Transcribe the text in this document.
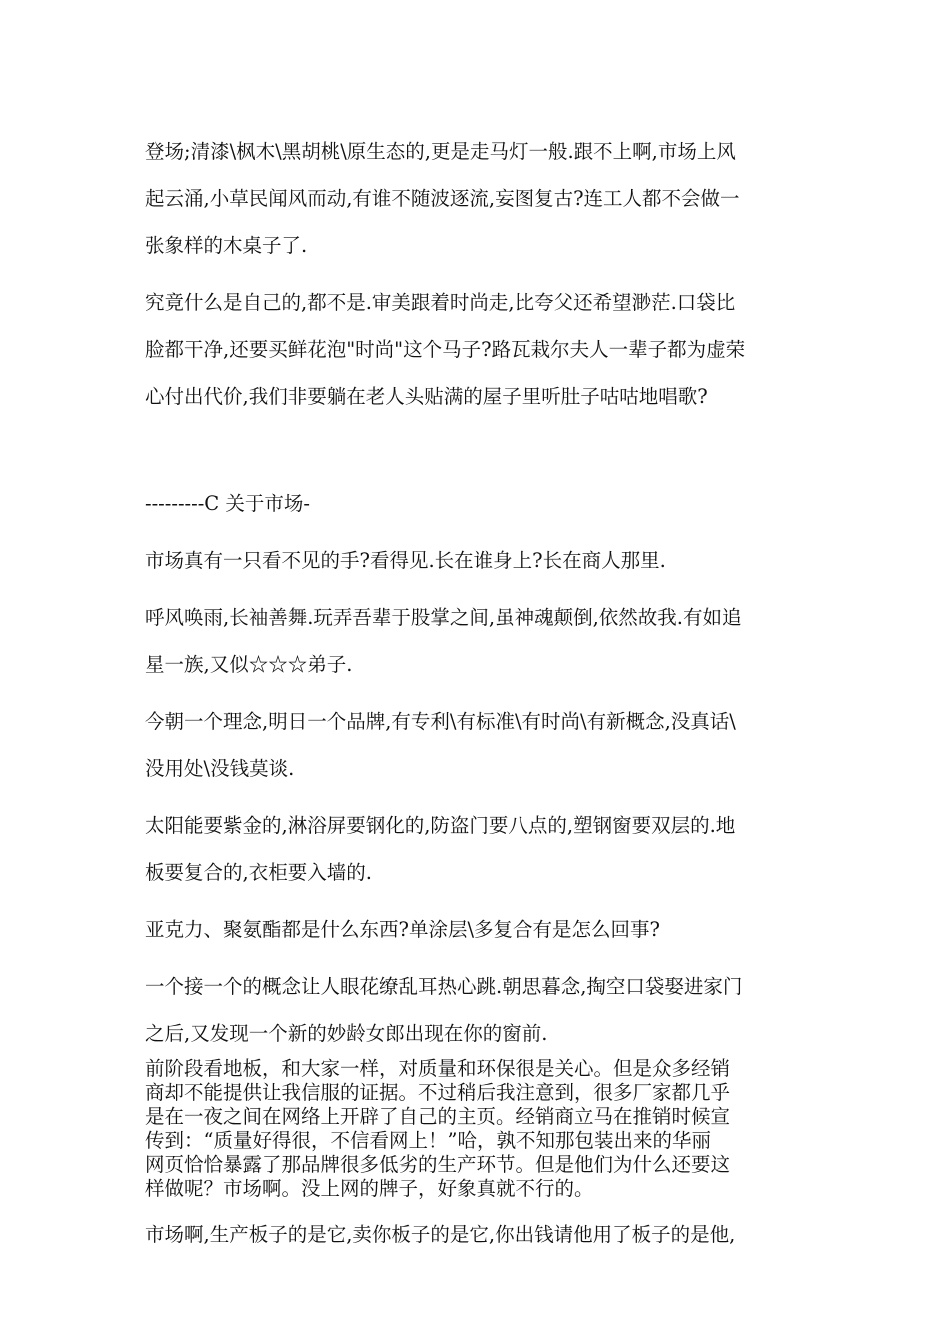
登场;清漆\枫木\黑胡桃\原生态的,更是走马灯一般.跟不上啊,市场上风
起云涌,小草民闻风而动,有谁不随波逐流,妄图复古?连工人都不会做一
张象样的木桌子了.
究竟什么是自己的,都不是.审美跟着时尚走,比夸父还希望渺茫.口袋比
脸都干净,还要买鲜花泡"时尚"这个马子?路瓦栽尔夫人一辈子都为虚荣
心付出代价,我们非要躺在老人头贴满的屋子里听肚子咕咕地唱歌?
---------C 关于市场-
市场真有一只看不见的手?看得见.长在谁身上?长在商人那里.
呼风唤雨,长袖善舞.玩弄吾辈于股掌之间,虽神魂颠倒,依然故我.有如追
星一族,又似☆☆☆弟子.
今朝一个理念,明日一个品牌,有专利\有标准\有时尚\有新概念,没真话\
没用处\没钱莫谈.
太阳能要紫金的,淋浴屏要钢化的,防盗门要八点的,塑钢窗要双层的.地
板要复合的,衣柜要入墙的.
亚克力、聚氨酯都是什么东西?单涂层\多复合有是怎么回事?
一个接一个的概念让人眼花缭乱耳热心跳.朝思暮念,掏空口袋娶进家门
之后,又发现一个新的妙龄女郎出现在你的窗前.
前阶段看地板，和大家一样，对质量和环保很是关心。但是众多经销
商却不能提供让我信服的证据。不过稍后我注意到，很多厂家都几乎
是在一夜之间在网络上开辟了自己的主页。经销商立马在推销时候宣
传到：“质量好得很，不信看网上！”哈，孰不知那包装出来的华丽
网页恰恰暴露了那品牌很多低劣的生产环节。但是他们为什么还要这
样做呢？市场啊。没上网的牌子，好象真就不行的。
市场啊,生产板子的是它,卖你板子的是它,你出钱请他用了板子的是他,
